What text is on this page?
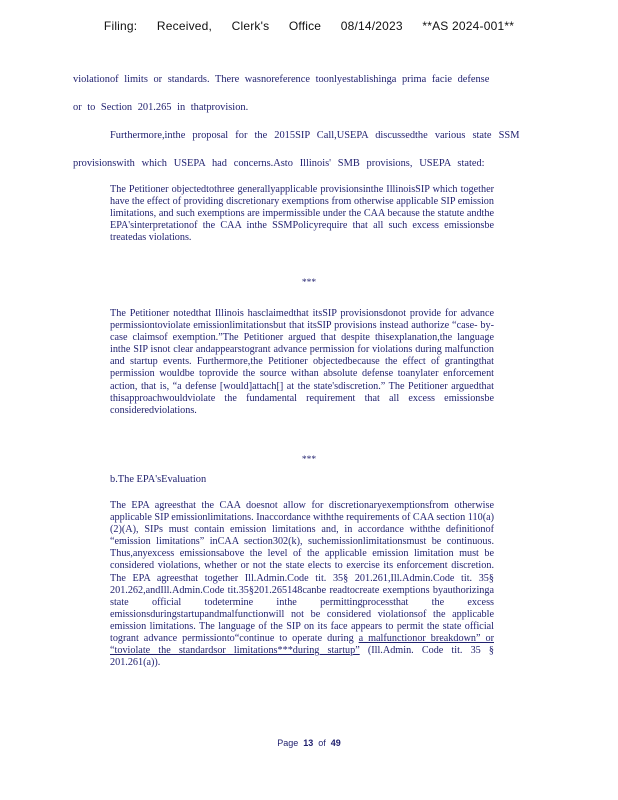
Filing: Received, Clerk's Office 08/14/2023 **AS 2024-001**
violationof limits or standards. There wasnoreference toonlyestablishinga prima facie defense
or to Section 201.265 in thatprovision.
Furthermore,inthe proposal for the 2015SIP Call,USEPA discussedthe various state SSM
provisionswith which USEPA had concerns.Asto Illinois' SMB provisions, USEPA stated:
The Petitioner objectedtothree generallyapplicable provisionsinthe IllinoisSIP which together have the effect of providing discretionary exemptions from otherwise applicable SIP emission limitations, and such exemptions are impermissible under the CAA because the statute andthe EPA'sinterpretationof the CAA inthe SSMPolicyrequire that all such excess emissionsbe treatedas violations.
***
The Petitioner notedthat Illinois hasclaimedthat itsSIP provisionsdonot provide for advance permissiontoviolate emissionlimitationsbut that itsSIP provisions instead authorize “case- by-case claimsof exemption.”The Petitioner argued that despite thisexplanation,the language inthe SIP isnot clear andappearstogrant advance permission for violations during malfunction and startup events. Furthermore,the Petitioner objectedbecause the effect of grantingthat permission wouldbe toprovide the source withan absolute defense toanylater enforcement action, that is, “a defense [would]attach[] at the state'sdiscretion.” The Petitioner arguedthat thisapproachwouldviolate the fundamental requirement that all excess emissionsbe consideredviolations.
***
b.The EPA'sEvaluation
The EPA agreesthat the CAA doesnot allow for discretionaryexemptionsfrom otherwise applicable SIP emissionlimitations. Inaccordance withthe requirements of CAA section 110(a)(2)(A), SIPs must contain emission limitations and, in accordance withthe definitionof “emission limitations” inCAA section302(k), suchemissionlimitationsmust be continuous. Thus,anyexcess emissionsabove the level of the applicable emission limitation must be considered violations, whether or not the state elects to exercise its enforcement discretion. The EPA agreesthat together Ill.Admin.Code tit. 35§ 201.261,Ill.Admin.Code tit. 35§ 201.262,andIll.Admin.Code tit.35§201.265148canbe readtocreate exemptions byauthorizinga state official todetermine inthe permittingprocessthat the excess emissionsduringstartupandmalfunctionwill not be considered violationsof the applicable emission limitations. The language of the SIP on its face appears to permit the state official togrant advance permissionto“continue to operate during a malfunctionor breakdown” or “toviolate the standardsor limitations***during startup” (Ill.Admin. Code tit. 35 § 201.261(a)).
Page 13 of 49
